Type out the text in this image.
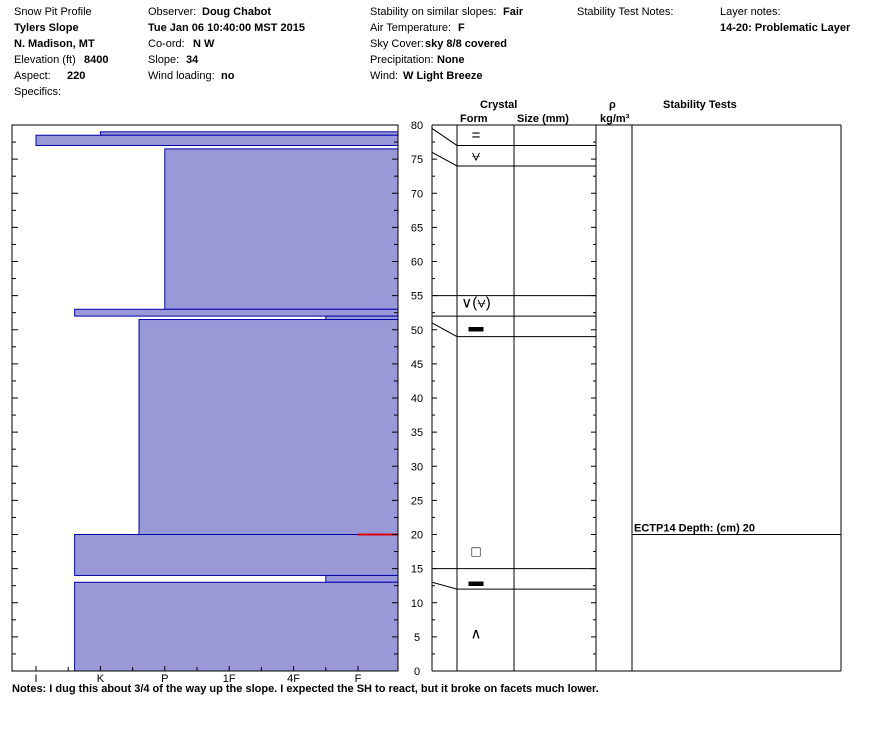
Snow Pit Profile
Tylers Slope
N. Madison, MT
Elevation (ft) 8400
Aspect: 220
Specifics:
Observer: Doug Chabot
Tue Jan 06 10:40:00 MST 2015
Co-ord: N W
Slope: 34
Wind loading: no
Stability on similar slopes: Fair
Air Temperature: F
Sky Cover: sky 8/8 covered
Precipitation: None
Wind: W Light Breeze
Stability Test Notes:	Layer notes:
14-20: Problematic Layer
Crystal
Form	Size (mm)
ρ
kg/m³
Stability Tests
I	K	P	1F	4F	F
0
5
10
15
20
25
30
35
40
45
50
55
60
65
70
75
80
=
⩝
∨(⩝)
▬
□
▬
∧
ECTP14 Depth: (cm) 20
Notes: I dug this about 3/4 of the way up the slope. I expected the SH to react, but it broke on facets much lower.
